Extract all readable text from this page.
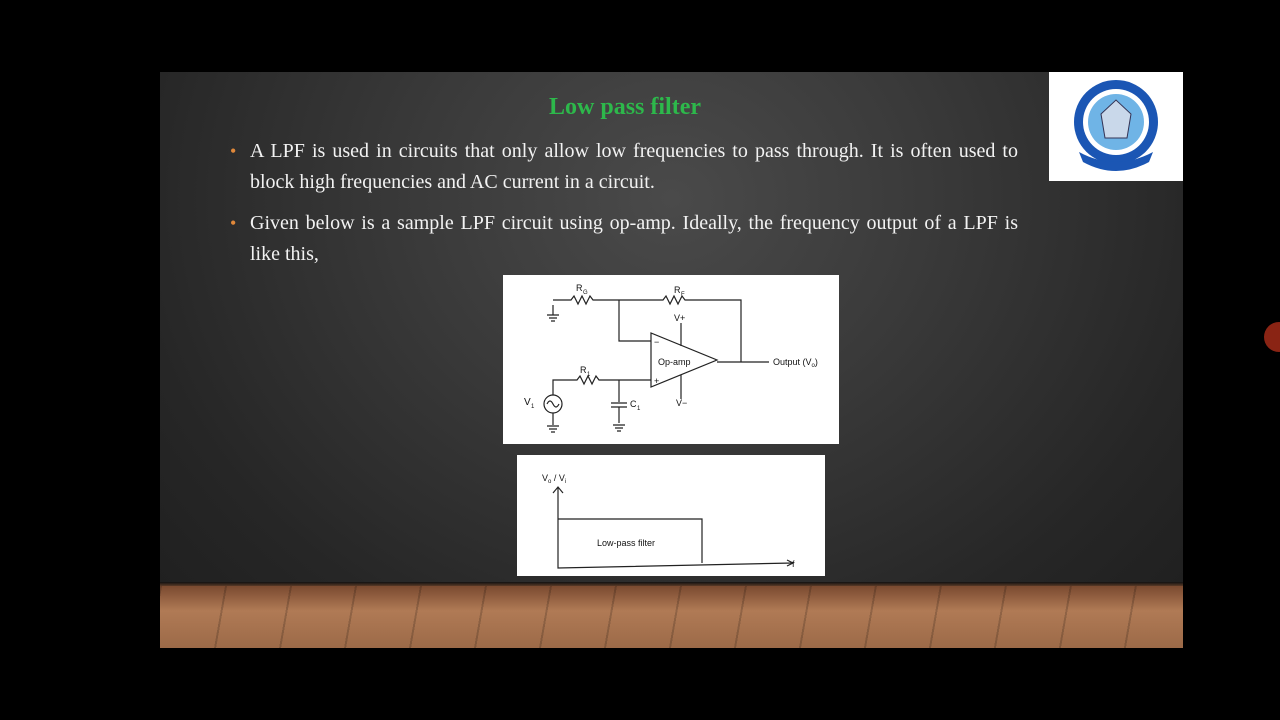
Low pass filter
• A LPF is used in circuits that only allow low frequencies to pass through. It is often used to block high frequencies and AC current in a circuit.
• Given below is a sample LPF circuit using op-amp. Ideally, the frequency output of a LPF is like this,
R G	R F
R 1
C 1
V 1
V+
V−
−
+
Op-amp	Output $(V_o)$
$V_o / V_i$
Low-pass filter
f
